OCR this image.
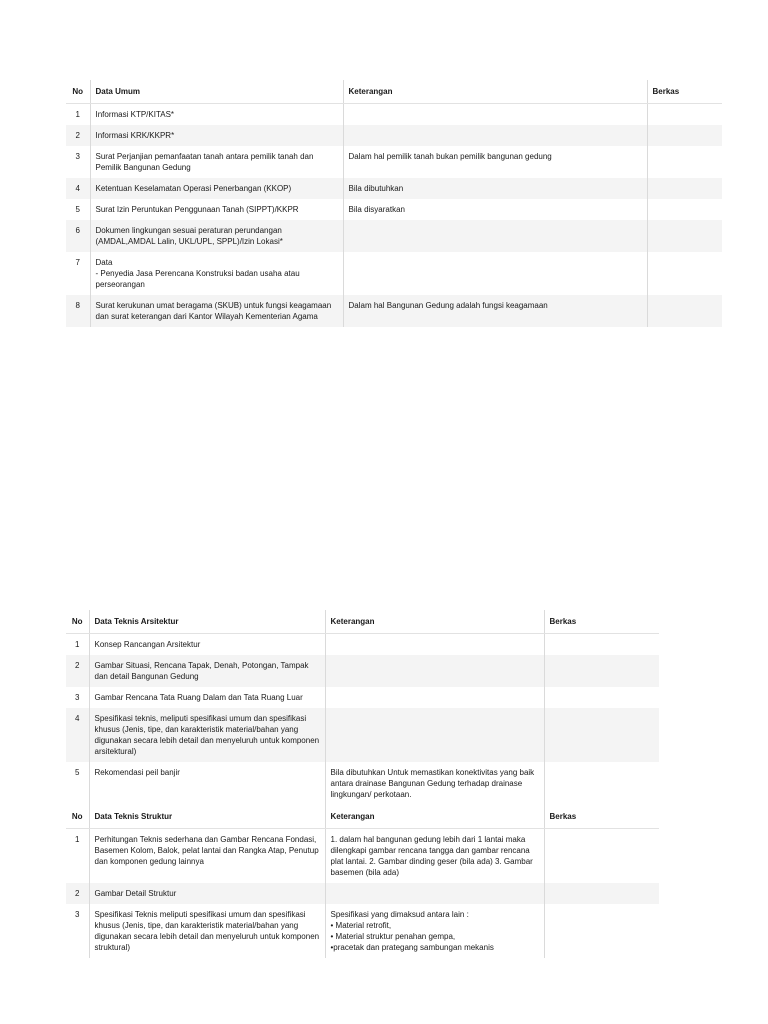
No	Data Umum	Keterangan	Berkas
1	Informasi KTP/KITAS*		
2	Informasi KRK/KKPR*		
3	Surat Perjanjian pemanfaatan tanah antara pemilik tanah dan Pemilik Bangunan Gedung	Dalam hal pemilik tanah bukan pemilik bangunan gedung	
4	Ketentuan Keselamatan Operasi Penerbangan (KKOP)	Bila dibutuhkan	
5	Surat Izin Peruntukan Penggunaan Tanah (SIPPT)/KKPR	Bila disyaratkan	
6	Dokumen lingkungan sesuai peraturan perundangan (AMDAL,AMDAL Lalin, UKL/UPL, SPPL)/Izin Lokasi*		
7	Data
- Penyedia Jasa Perencana Konstruksi badan usaha atau perseorangan		
8	Surat kerukunan umat beragama (SKUB) untuk fungsi keagamaan dan surat keterangan dari Kantor Wilayah Kementerian Agama	Dalam hal Bangunan Gedung adalah fungsi keagamaan	
No	Data Teknis Arsitektur	Keterangan	Berkas
1	Konsep Rancangan Arsitektur		
2	Gambar Situasi, Rencana Tapak, Denah, Potongan, Tampak dan detail Bangunan Gedung		
3	Gambar Rencana Tata Ruang Dalam dan Tata Ruang Luar		
4	Spesifikasi teknis, meliputi spesifikasi umum dan spesifikasi khusus (Jenis, tipe, dan karakteristik material/bahan yang digunakan secara lebih detail dan menyeluruh untuk komponen arsitektural)		
5	Rekomendasi peil banjir	Bila dibutuhkan Untuk memastikan konektivitas yang baik antara drainase Bangunan Gedung terhadap drainase lingkungan/ perkotaan.	
No	Data Teknis Struktur	Keterangan	Berkas
1	Perhitungan Teknis sederhana dan Gambar Rencana Fondasi, Basemen Kolom, Balok, pelat lantai dan Rangka Atap, Penutup dan komponen gedung lainnya	1. dalam hal bangunan gedung lebih dari 1 lantai maka dilengkapi gambar rencana tangga dan gambar rencana plat lantai. 2. Gambar dinding geser (bila ada) 3. Gambar basemen (bila ada)	
2	Gambar Detail Struktur		
3	Spesifikasi Teknis meliputi spesifikasi umum dan spesifikasi khusus (Jenis, tipe, dan karakteristik material/bahan yang digunakan secara lebih detail dan menyeluruh untuk komponen struktural)	Spesifikasi yang dimaksud antara lain :
• Material retrofit,
• Material struktur penahan gempa,
•pracetak dan prategang sambungan mekanis	
